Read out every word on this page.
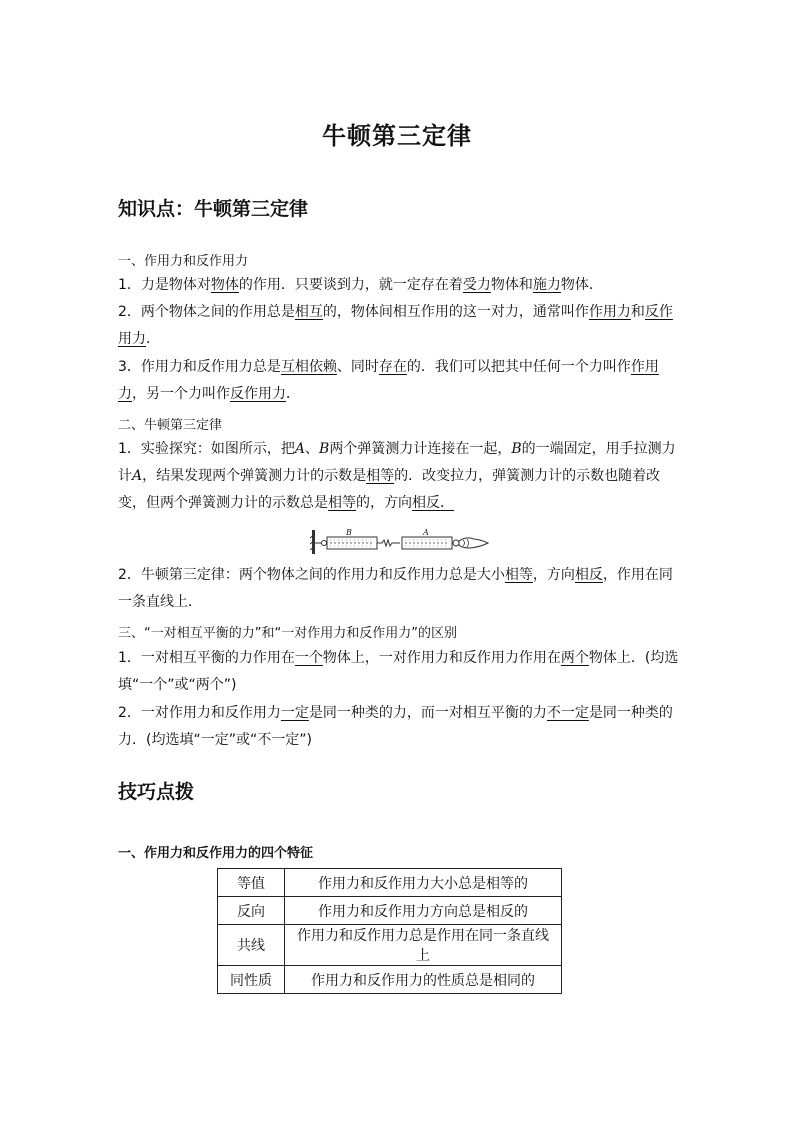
牛顿第三定律
知识点：牛顿第三定律
一、作用力和反作用力

1．力是物体对物体的作用．只要谈到力，就一定存在着受力物体和施力物体．

2．两个物体之间的作用总是相互的，物体间相互作用的这一对力，通常叫作作用力和反作用力．

3．作用力和反作用力总是互相依赖、同时存在的．我们可以把其中任何一个力叫作作用力，另一个力叫作反作用力．

二、牛顿第三定律

1．实验探究：如图所示，把A、B两个弹簧测力计连接在一起，B的一端固定，用手拉测力计A，结果发现两个弹簧测力计的示数是相等的．改变拉力，弹簧测力计的示数也随着改变，但两个弹簧测力计的示数总是相等的，方向相反．

B	A

2．牛顿第三定律：两个物体之间的作用力和反作用力总是大小相等，方向相反，作用在同一条直线上．

三、“一对相互平衡的力”和“一对作用力和反作用力”的区别

1．一对相互平衡的力作用在一个物体上，一对作用力和反作用力作用在两个物体上．(均选填“一个”或“两个”)

2．一对作用力和反作用力一定是同一种类的力，而一对相互平衡的力不一定是同一种类的力．(均选填“一定”或“不一定”)

技巧点拨
一、作用力和反作用力的四个特征
等值	作用力和反作用力大小总是相等的
反向	作用力和反作用力方向总是相反的
共线	作用力和反作用力总是作用在同一条直线上
同性质	作用力和反作用力的性质总是相同的
